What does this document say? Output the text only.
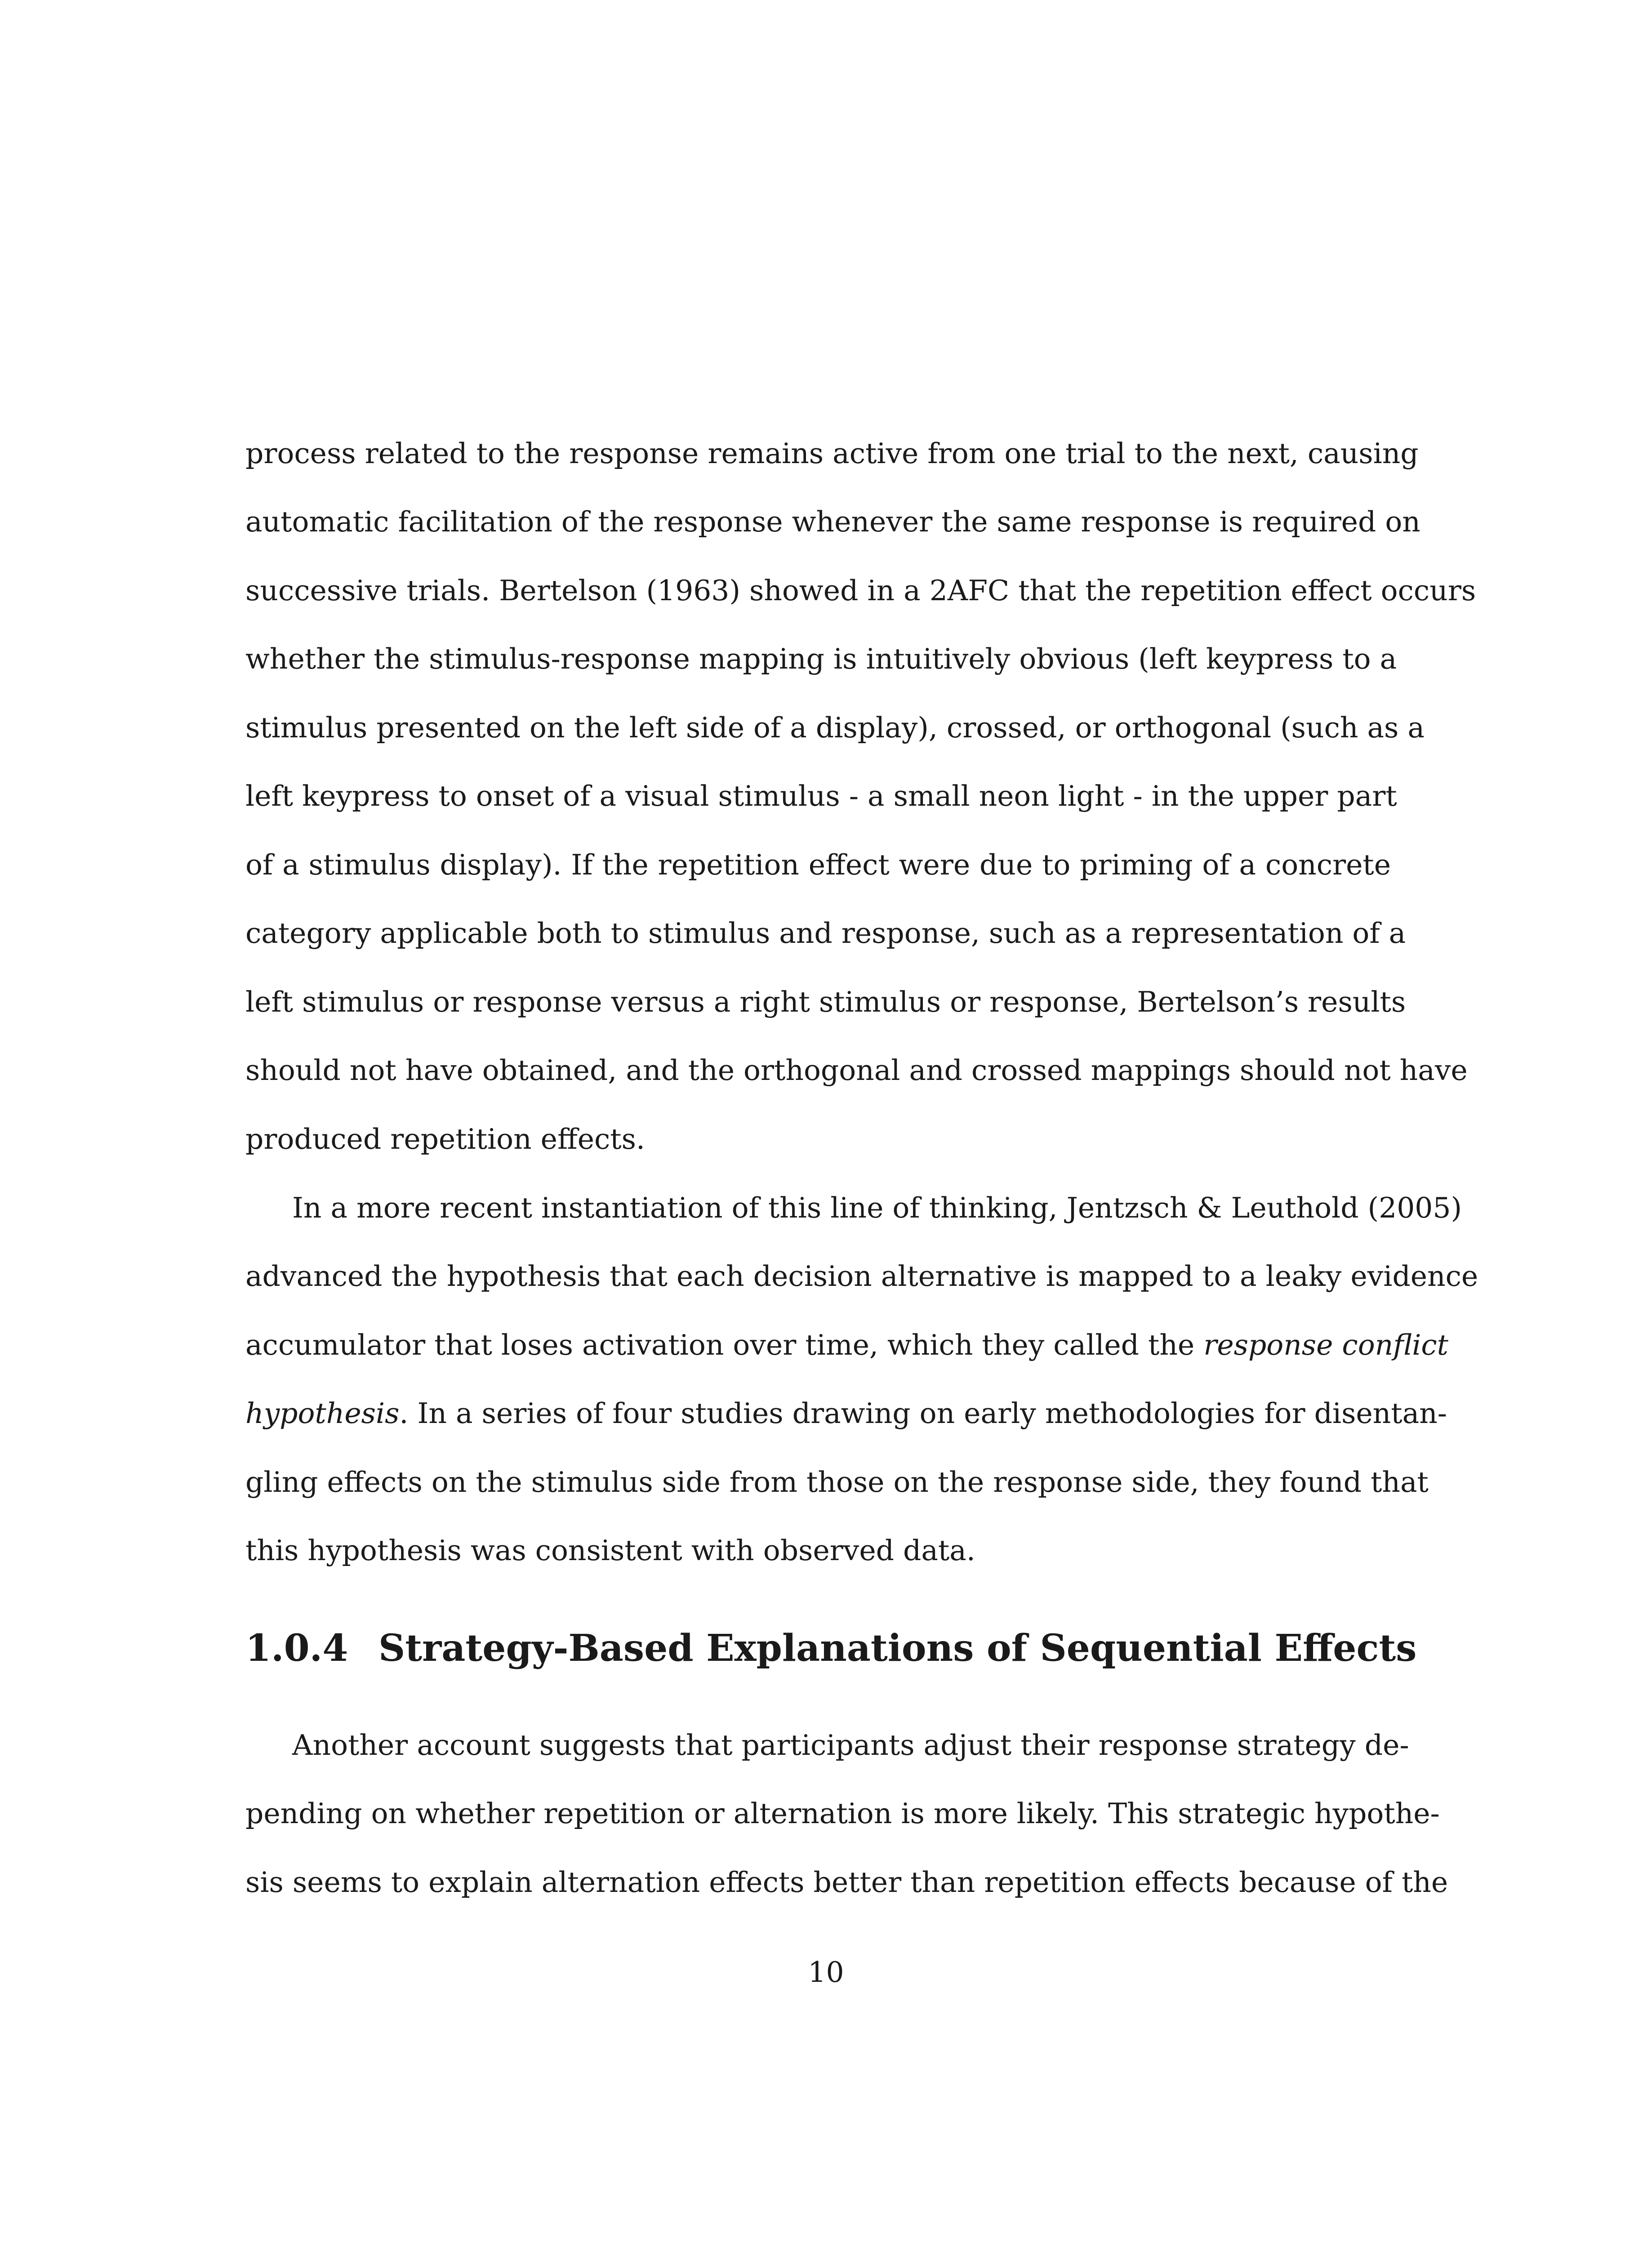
process related to the response remains active from one trial to the next, causing
automatic facilitation of the response whenever the same response is required on
successive trials. Bertelson (1963) showed in a 2AFC that the repetition effect occurs
whether the stimulus-response mapping is intuitively obvious (left keypress to a
stimulus presented on the left side of a display), crossed, or orthogonal (such as a
left keypress to onset of a visual stimulus - a small neon light - in the upper part
of a stimulus display). If the repetition effect were due to priming of a concrete
category applicable both to stimulus and response, such as a representation of a
left stimulus or response versus a right stimulus or response, Bertelson’s results
should not have obtained, and the orthogonal and crossed mappings should not have
produced repetition effects.
In a more recent instantiation of this line of thinking, Jentzsch & Leuthold (2005)
advanced the hypothesis that each decision alternative is mapped to a leaky evidence
accumulator that loses activation over time, which they called the response conflict
hypothesis. In a series of four studies drawing on early methodologies for disentan-
gling effects on the stimulus side from those on the response side, they found that
this hypothesis was consistent with observed data.
1.0.4 Strategy-Based Explanations of Sequential Effects
Another account suggests that participants adjust their response strategy de-
pending on whether repetition or alternation is more likely. This strategic hypothe-
sis seems to explain alternation effects better than repetition effects because of the
10
